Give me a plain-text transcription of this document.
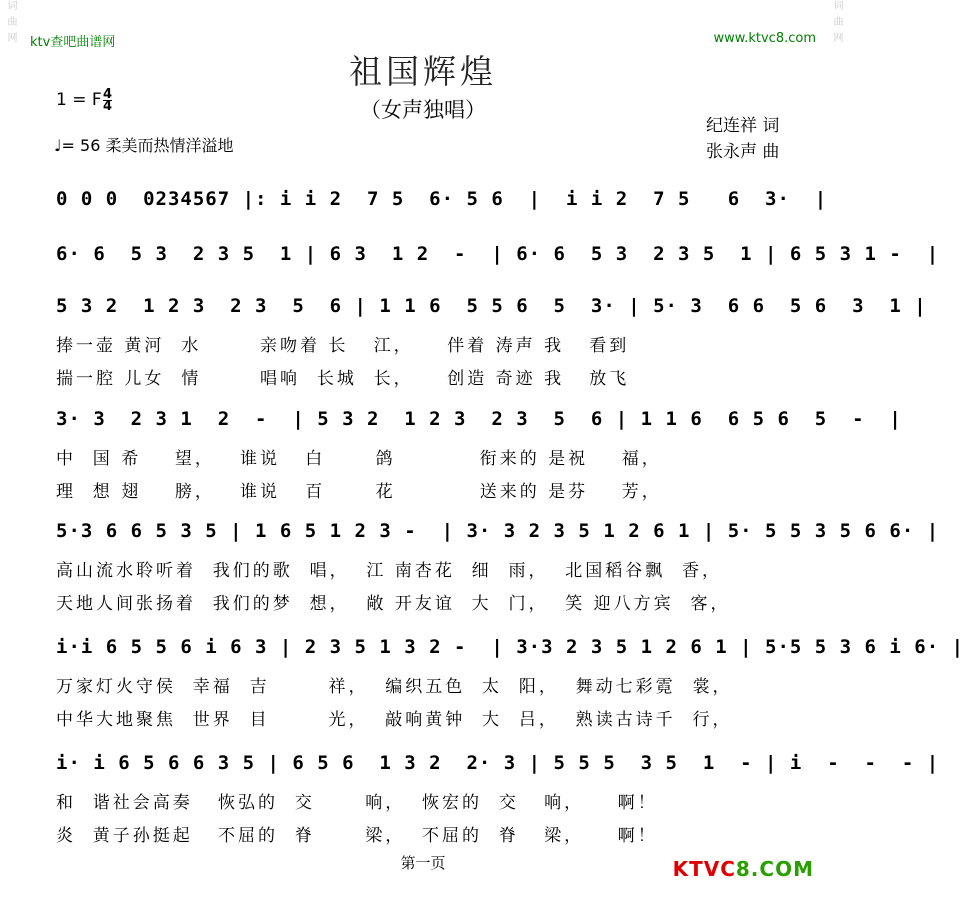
词曲网	词曲网
ktv查吧曲谱网	www.ktvc8.com
祖国辉煌
（女声独唱）
1 = F 4
4
♩= 56 柔美而热情洋溢地
纪连祥 词
张永声 曲
0 0 0  0234567 |: i i 2  7 5  6· 5 6  |  i i 2  7 5   6  3·  |
6· 6  5 3  2 3 5  1 | 6 3  1 2  -  | 6· 6  5 3  2 3 5  1 | 6 5 3 1 -  |
5 3 2  1 2 3  2 3  5  6 | 1 1 6  5 5 6  5  3· | 5· 3  6 6  5 6  3  1 |
3· 3  2 3 1  2  -  | 5 3 2  1 2 3  2 3  5  6 | 1 1 6  6 5 6  5  -  |
5·3 6 6 5 3 5 | 1 6 5 1 2 3 -  | 3· 3 2 3 5 1 2 6 1 | 5· 5 5 3 5 6 6· |
i·i 6 5 5 6 i 6 3 | 2 3 5 1 3 2 -  | 3·3 2 3 5 1 2 6 1 | 5·5 5 3 6 i 6· |
i· i 6 5 6 6 3 5 | 6 5 6  1 3 2  2· 3 | 5 5 5  3 5  1  - | i  -  -  - |
第一页	KTVC8.COM
捧一壶 黄河  水       亲吻着 长   江，    伴着 涛声 我   看到
揣一腔 儿女  情       唱响  长城  长，    创造 奇迹 我   放飞
中  国 希    望，   谁说   白      鸽          衔来的 是祝    福，
理  想 翅    膀，   谁说   百      花          送来的 是芬    芳，
高山流水聆听着  我们的歌  唱，  江 南杏花  细  雨，  北国稻谷飘  香，
天地人间张扬着  我们的梦  想，  敞 开友谊  大  门，  笑 迎八方宾  客，
万家灯火守侯  幸福  吉       祥，  编织五色  太  阳，  舞动七彩霓  裳，
中华大地聚焦  世界  目       光，  敲响黄钟  大  吕，  熟读古诗千  行，
和  谐社会高奏   恢弘的  交      响，  恢宏的  交   响，    啊！
炎  黄子孙挺起   不屈的  脊      梁，  不屈的  脊   梁，    啊！
